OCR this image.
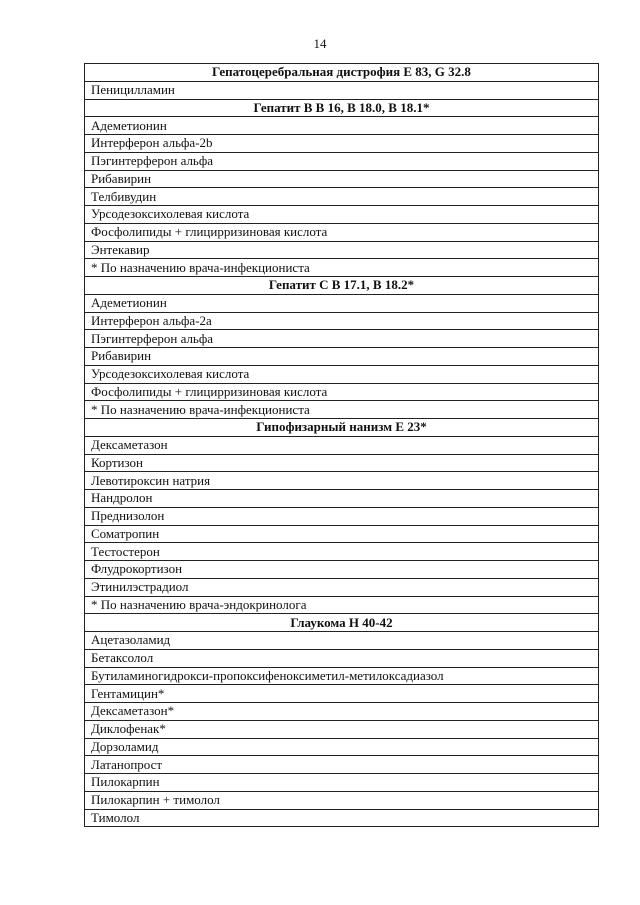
14
Гепатоцеребральная дистрофия Е 83, G 32.8
Пеницилламин
Гепатит В В 16, В 18.0, В 18.1*
Адеметионин
Интерферон альфа-2b
Пэгинтерферон альфа
Рибавирин
Телбивудин
Урсодезоксихолевая кислота
Фосфолипиды + глицирризиновая кислота
Энтекавир
* По назначению врача-инфекциониста
Гепатит С В 17.1, В 18.2*
Адеметионин
Интерферон альфа-2а
Пэгинтерферон альфа
Рибавирин
Урсодезоксихолевая кислота
Фосфолипиды + глицирризиновая кислота
* По назначению врача-инфекциониста
Гипофизарный нанизм Е 23*
Дексаметазон
Кортизон
Левотироксин натрия
Нандролон
Преднизолон
Соматропин
Тестостерон
Флудрокортизон
Этинилэстрадиол
* По назначению врача-эндокринолога
Глаукома Н 40-42
Ацетазоламид
Бетаксолол
Бутиламиногидрокси-пропоксифеноксиметил-метилоксадиазол
Гентамицин*
Дексаметазон*
Диклофенак*
Дорзоламид
Латанопрост
Пилокарпин
Пилокарпин + тимолол
Тимолол
